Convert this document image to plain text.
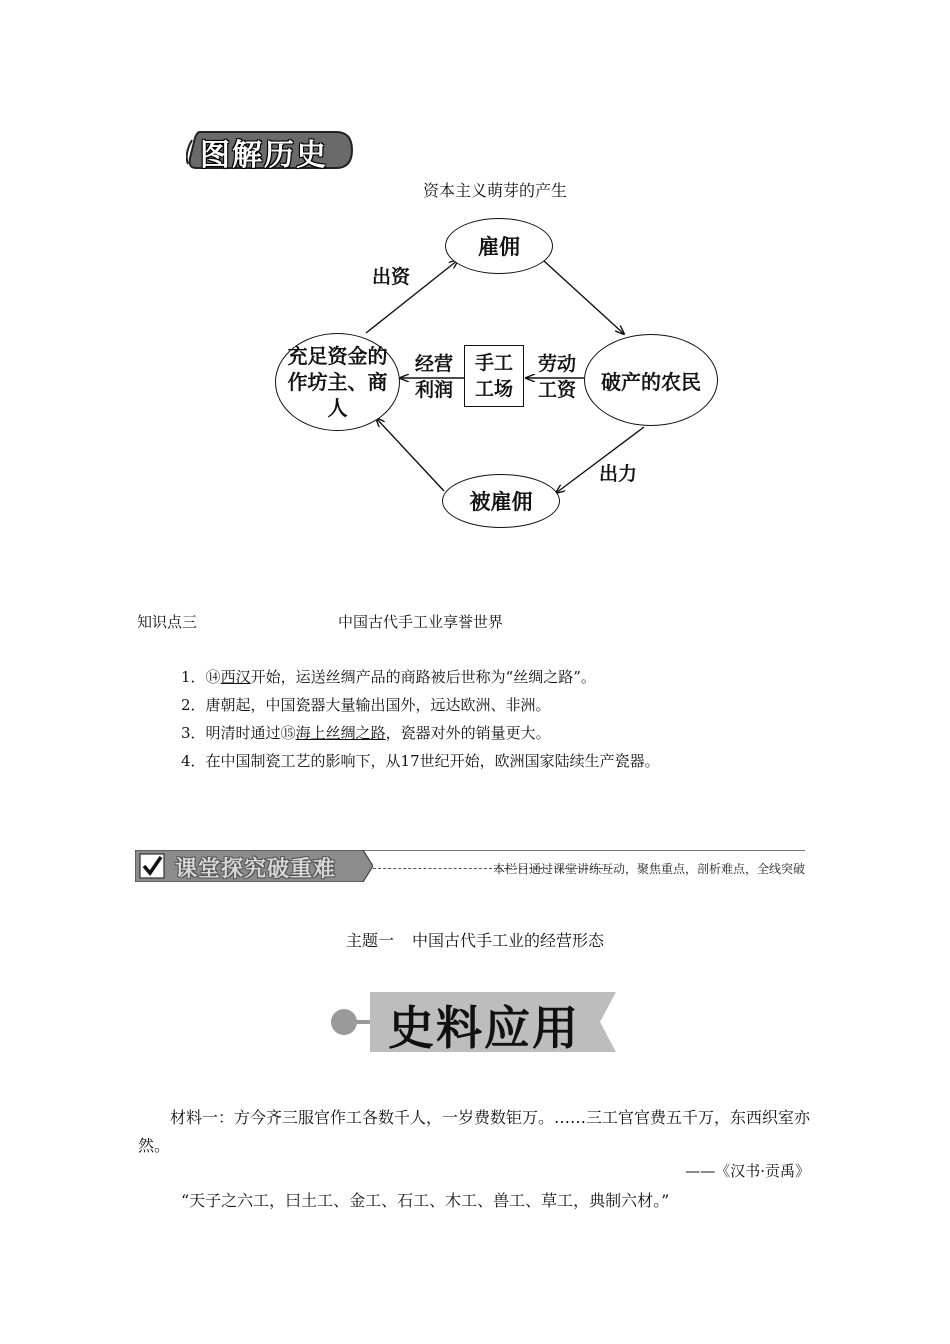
图解历史
资本主义萌芽的产生
雇佣
被雇佣
充足资金的作坊主、商人
破产的农民
手工工场
出资
出力
经营利润
劳动工资
知识点三	中国古代手工业享誉世界
1．⑭西汉开始，运送丝绸产品的商路被后世称为“丝绸之路”。
2．唐朝起，中国瓷器大量输出国外，远达欧洲、非洲。
3．明清时通过⑮海上丝绸之路，瓷器对外的销量更大。
4．在中国制瓷工艺的影响下，从17世纪开始，欧洲国家陆续生产瓷器。
课堂探究破重难	本栏目通过课堂讲练互动，聚焦重点，剖析难点，全线突破
主题一 中国古代手工业的经营形态
史料应用

材料一：方今齐三服官作工各数千人，一岁费数钜万。……三工官官费五千万，东西织室亦然。

——《汉书·贡禹》
“天子之六工，曰土工、金工、石工、木工、兽工、草工，典制六材。”
